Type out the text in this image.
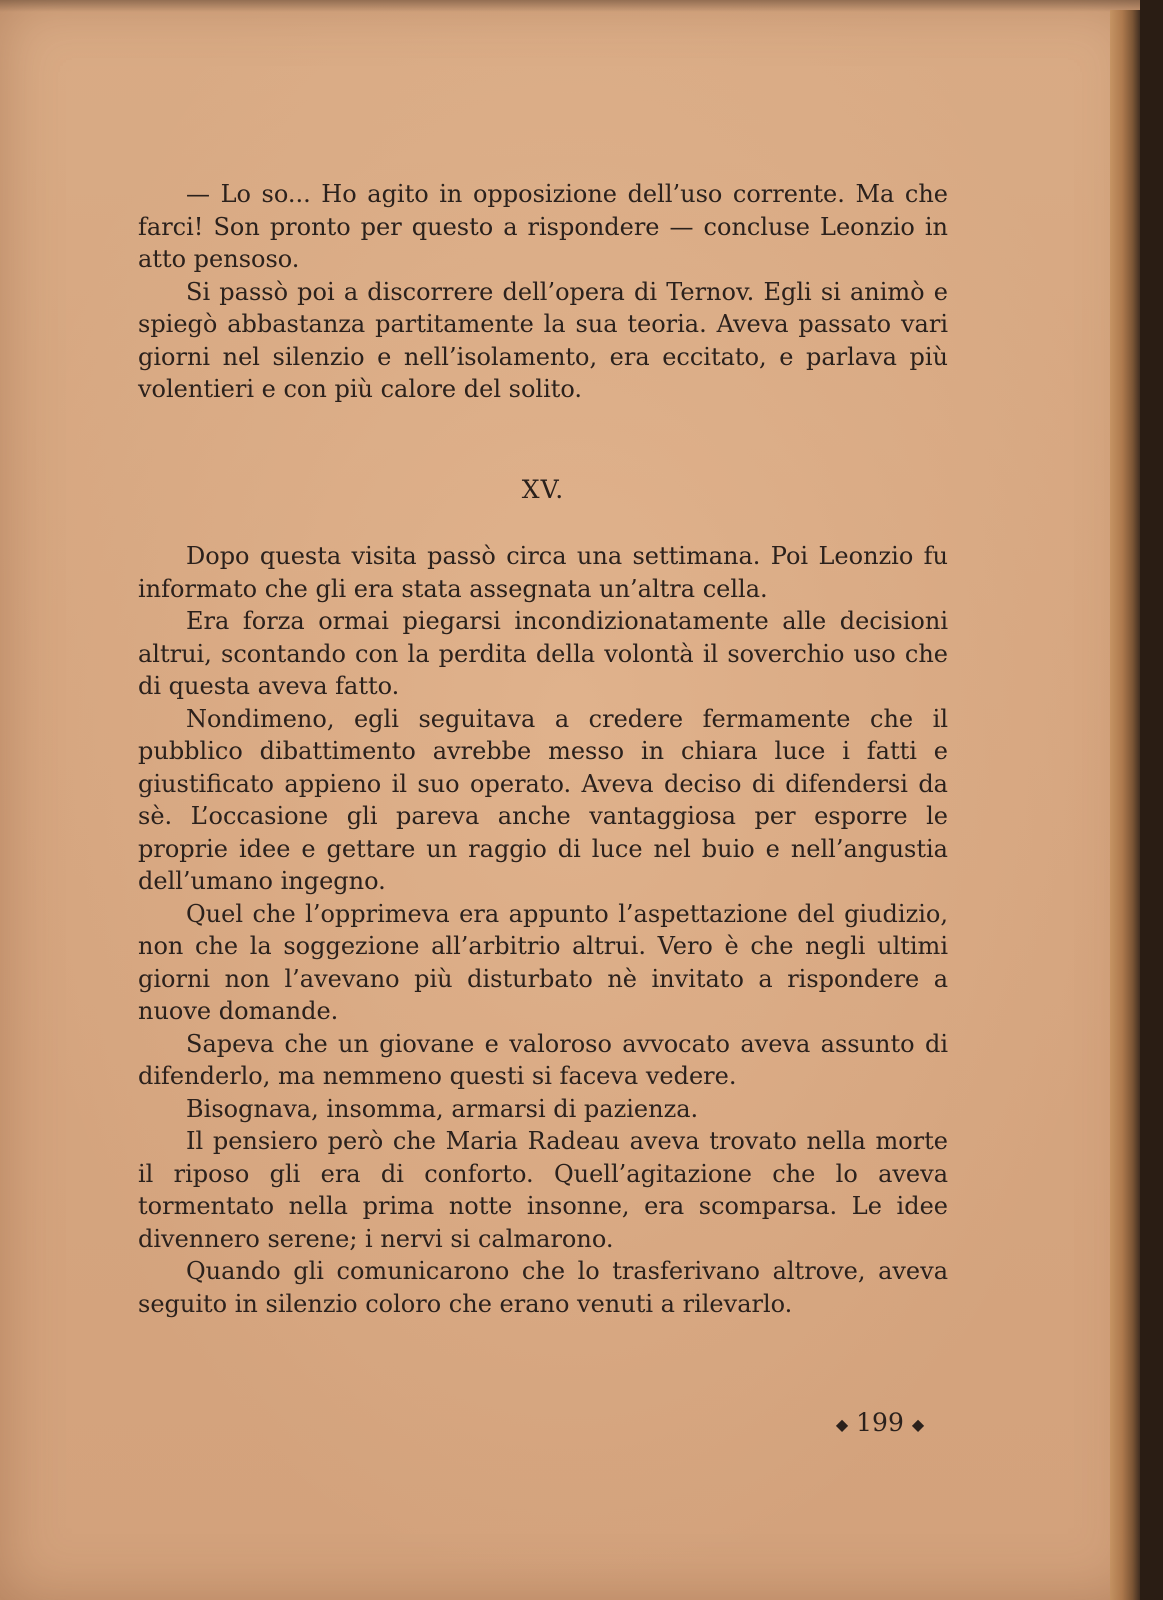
— Lo so... Ho agito in opposizione dell’uso corrente. Ma che farci! Son pronto per questo a rispondere — concluse Leonzio in atto pensoso.

Si passò poi a discorrere dell’opera di Ternov. Egli si animò e spiegò abbastanza partitamente la sua teoria. Aveva passato vari giorni nel silenzio e nell’isolamento, era eccitato, e parlava più volentieri e con più calore del solito.

XV.

Dopo questa visita passò circa una settimana. Poi Leonzio fu informato che gli era stata assegnata un’altra cella.

Era forza ormai piegarsi incondizionatamente alle decisioni altrui, scontando con la perdita della volontà il soverchio uso che di questa aveva fatto.

Nondimeno, egli seguitava a credere fermamente che il pubblico dibattimento avrebbe messo in chiara luce i fatti e giustificato appieno il suo operato. Aveva deciso di difendersi da sè. L’occasione gli pareva anche vantaggiosa per esporre le proprie idee e gettare un raggio di luce nel buio e nell’angustia dell’umano ingegno.

Quel che l’opprimeva era appunto l’aspettazione del giudizio, non che la soggezione all’arbitrio altrui. Vero è che negli ultimi giorni non l’avevano più disturbato nè invitato a rispondere a nuove domande.

Sapeva che un giovane e valoroso avvocato aveva assunto di difenderlo, ma nemmeno questi si faceva vedere.

Bisognava, insomma, armarsi di pazienza.

Il pensiero però che Maria Radeau aveva trovato nella morte il riposo gli era di conforto. Quell’agitazione che lo aveva tormentato nella prima notte insonne, era scomparsa. Le idee divennero serene; i nervi si calmarono.

Quando gli comunicarono che lo trasferivano altrove, aveva seguito in silenzio coloro che erano venuti a rilevarlo.

◆ 199 ◆
